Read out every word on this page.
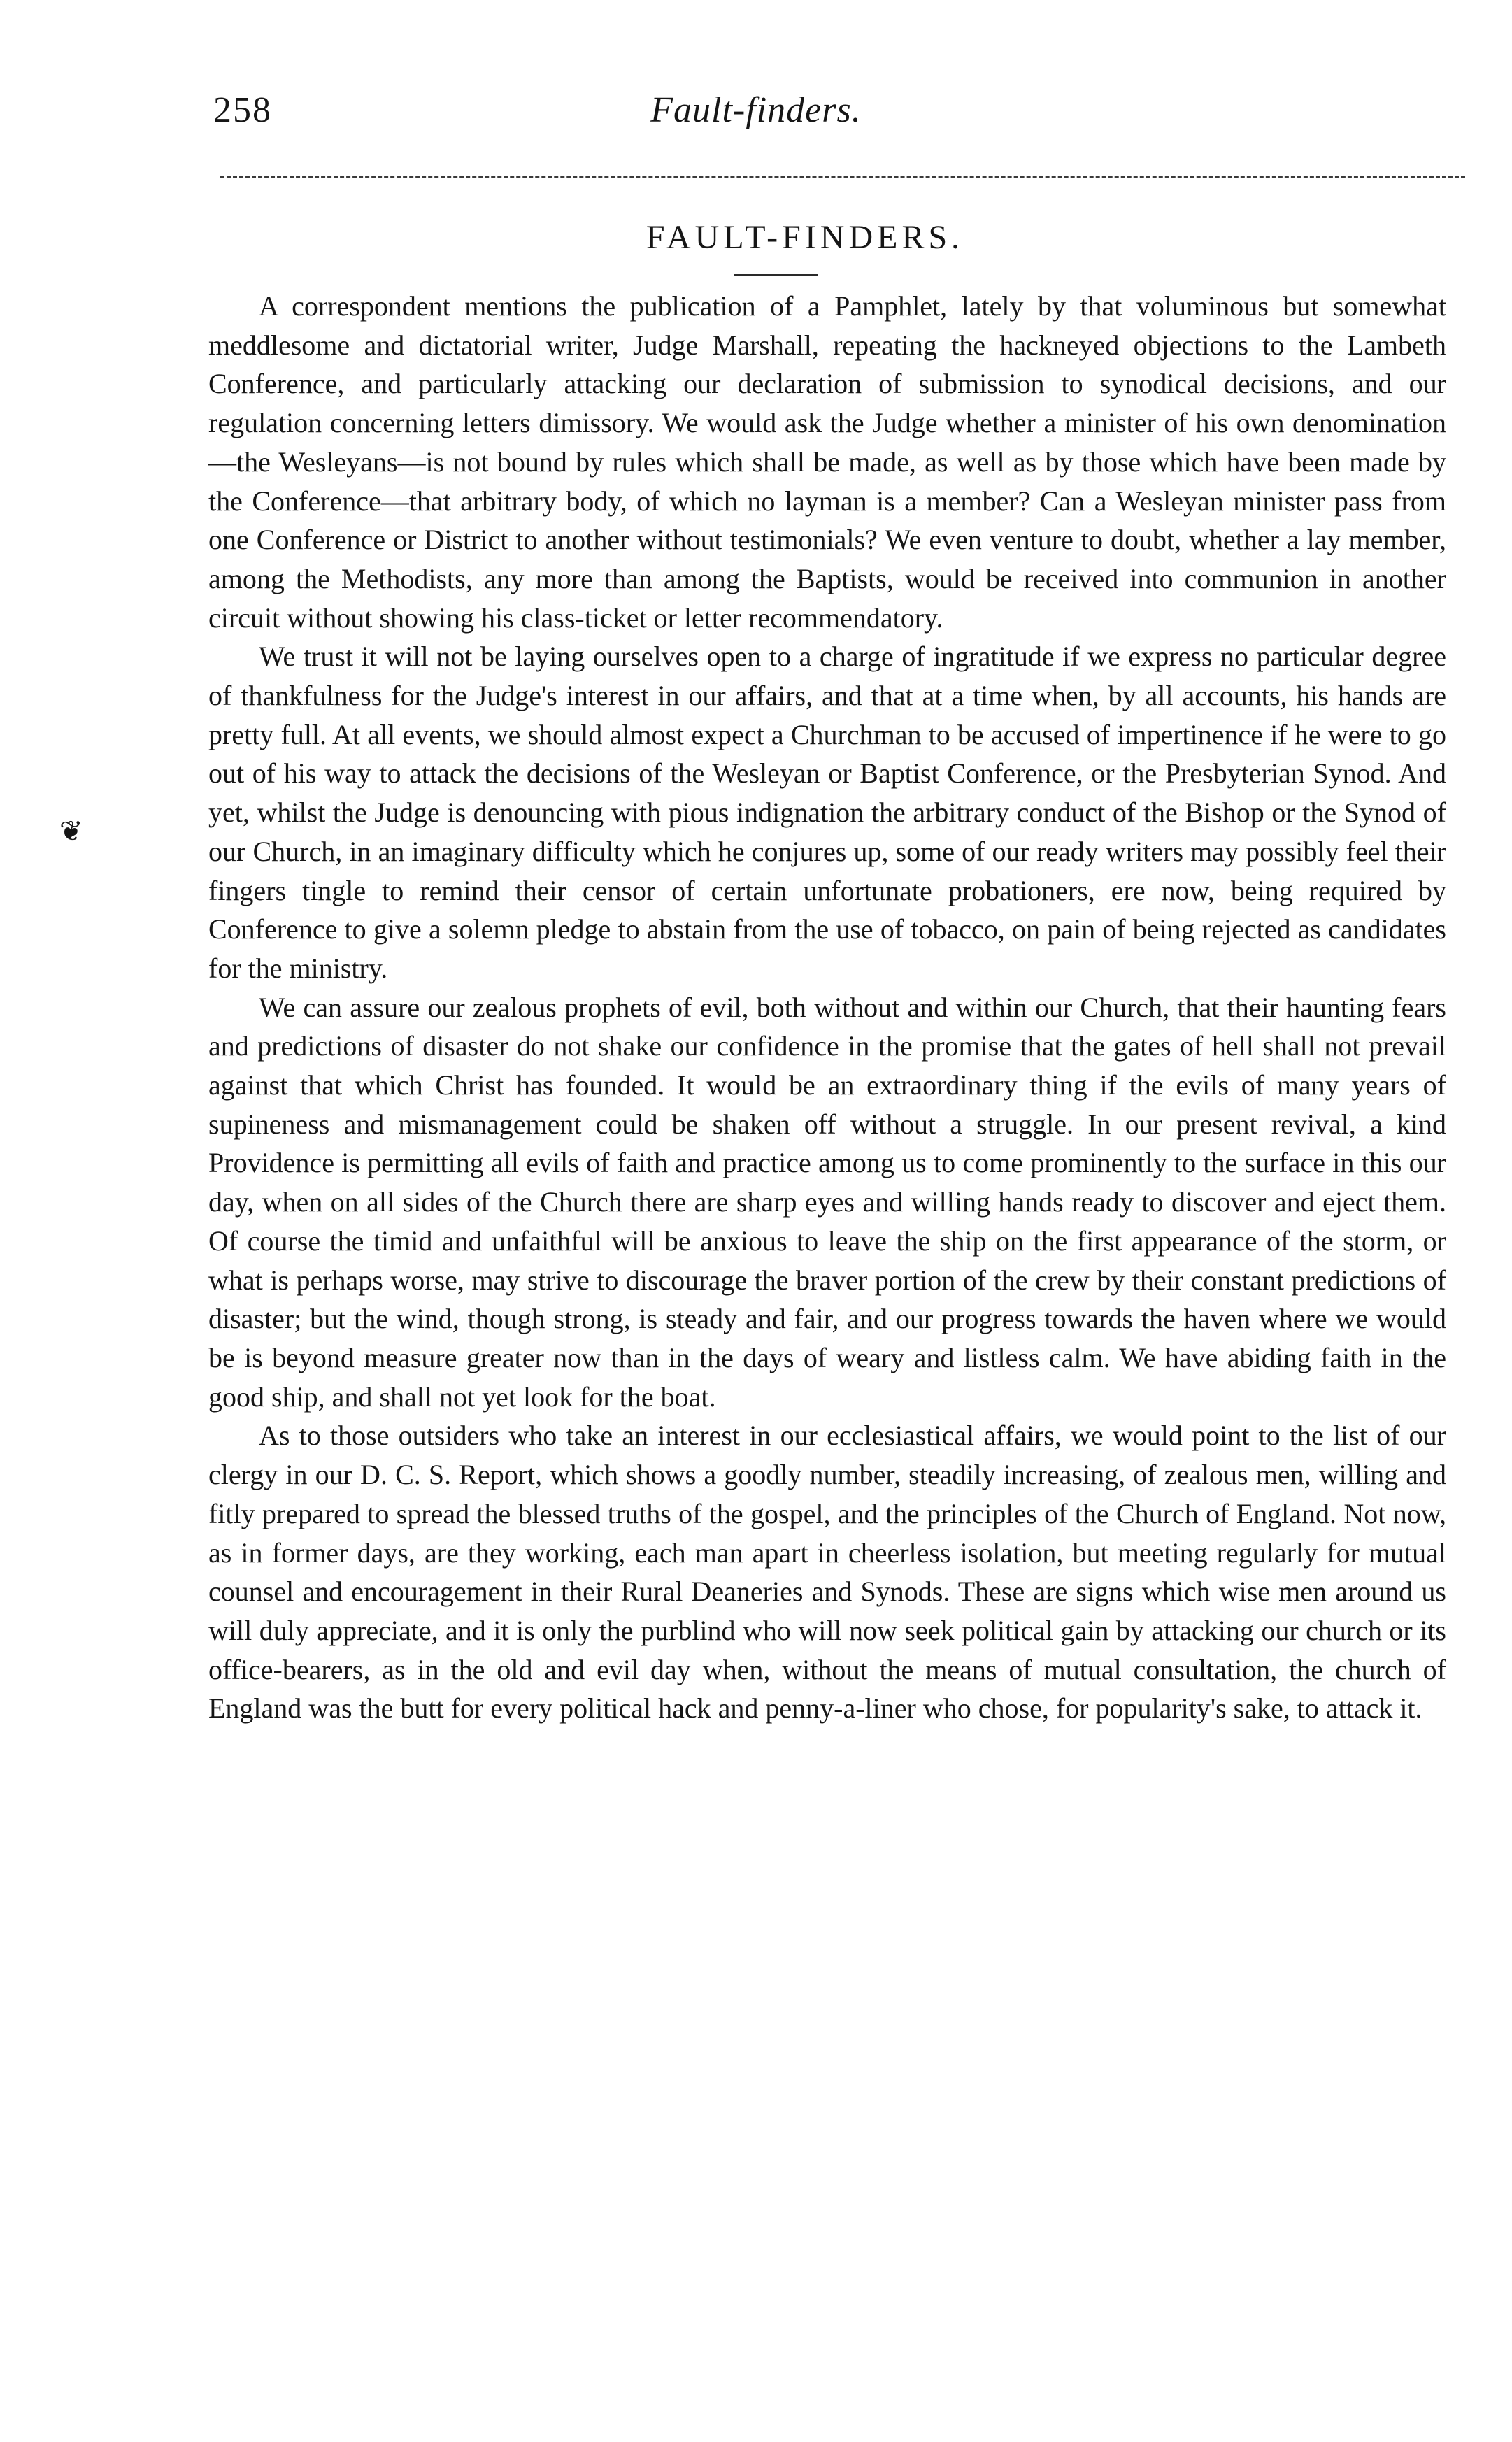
258	Fault-finders.
FAULT-FINDERS.
❦

A correspondent mentions the publication of a Pamphlet, lately by that voluminous but somewhat meddlesome and dictatorial writer, Judge Marshall, repeating the hackneyed objections to the Lambeth Conference, and particularly attacking our declaration of submission to synodical decisions, and our regulation concerning letters dimissory. We would ask the Judge whether a minister of his own denomination—the Wesleyans—is not bound by rules which shall be made, as well as by those which have been made by the Conference—that arbitrary body, of which no layman is a member? Can a Wesleyan minister pass from one Conference or District to another without testimonials? We even venture to doubt, whether a lay member, among the Methodists, any more than among the Baptists, would be received into communion in another circuit without showing his class-ticket or letter recommendatory.

We trust it will not be laying ourselves open to a charge of ingratitude if we express no particular degree of thankfulness for the Judge's interest in our affairs, and that at a time when, by all accounts, his hands are pretty full. At all events, we should almost expect a Churchman to be accused of impertinence if he were to go out of his way to attack the decisions of the Wesleyan or Baptist Conference, or the Presbyterian Synod. And yet, whilst the Judge is denouncing with pious indignation the arbitrary conduct of the Bishop or the Synod of our Church, in an imaginary difficulty which he conjures up, some of our ready writers may possibly feel their fingers tingle to remind their censor of certain unfortunate probationers, ere now, being required by Conference to give a solemn pledge to abstain from the use of tobacco, on pain of being rejected as candidates for the ministry.

We can assure our zealous prophets of evil, both without and within our Church, that their haunting fears and predictions of disaster do not shake our confidence in the promise that the gates of hell shall not prevail against that which Christ has founded. It would be an extraordinary thing if the evils of many years of supineness and mismanagement could be shaken off without a struggle. In our present revival, a kind Providence is permitting all evils of faith and practice among us to come prominently to the surface in this our day, when on all sides of the Church there are sharp eyes and willing hands ready to discover and eject them. Of course the timid and unfaithful will be anxious to leave the ship on the first appearance of the storm, or what is perhaps worse, may strive to discourage the braver portion of the crew by their constant predictions of disaster; but the wind, though strong, is steady and fair, and our progress towards the haven where we would be is beyond measure greater now than in the days of weary and listless calm. We have abiding faith in the good ship, and shall not yet look for the boat.

As to those outsiders who take an interest in our ecclesiastical affairs, we would point to the list of our clergy in our D. C. S. Report, which shows a goodly number, steadily increasing, of zealous men, willing and fitly prepared to spread the blessed truths of the gospel, and the principles of the Church of England. Not now, as in former days, are they working, each man apart in cheerless isolation, but meeting regularly for mutual counsel and encouragement in their Rural Deaneries and Synods. These are signs which wise men around us will duly appreciate, and it is only the purblind who will now seek political gain by attacking our church or its office-bearers, as in the old and evil day when, without the means of mutual consultation, the church of England was the butt for every political hack and penny-a-liner who chose, for popularity's sake, to attack it.
